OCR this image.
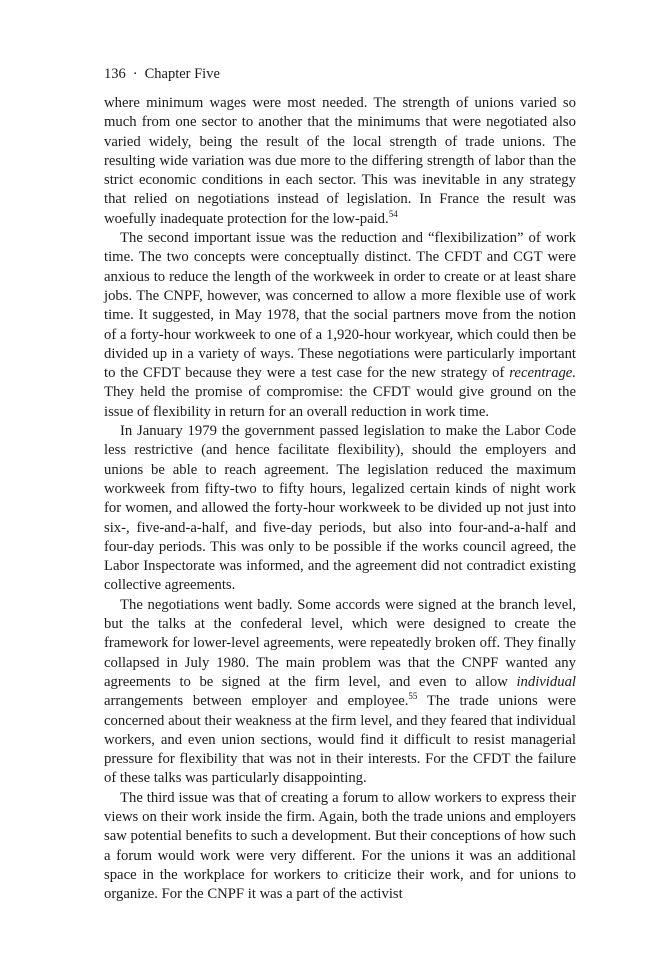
136 · Chapter Five

where minimum wages were most needed. The strength of unions varied so much from one sector to another that the minimums that were negotiated also varied widely, being the result of the local strength of trade unions. The resulting wide variation was due more to the differing strength of labor than the strict economic conditions in each sector. This was inevitable in any strategy that relied on negotiations instead of legislation. In France the result was woefully inadequate protection for the low-paid.$^{54}$

The second important issue was the reduction and “flexibilization” of work time. The two concepts were conceptually distinct. The CFDT and CGT were anxious to reduce the length of the workweek in order to create or at least share jobs. The CNPF, however, was concerned to allow a more flexible use of work time. It suggested, in May 1978, that the social partners move from the notion of a forty-hour workweek to one of a 1,920-hour workyear, which could then be divided up in a variety of ways. These negotiations were particularly important to the CFDT because they were a test case for the new strategy of recentrage. They held the promise of compromise: the CFDT would give ground on the issue of flexibility in return for an overall reduction in work time.

In January 1979 the government passed legislation to make the Labor Code less restrictive (and hence facilitate flexibility), should the employers and unions be able to reach agreement. The legislation reduced the maximum workweek from fifty-two to fifty hours, legalized certain kinds of night work for women, and allowed the forty-hour workweek to be divided up not just into six-, five-and-a-half, and five-day periods, but also into four-and-a-half and four-day periods. This was only to be possible if the works council agreed, the Labor Inspectorate was informed, and the agreement did not contradict existing collective agreements.

The negotiations went badly. Some accords were signed at the branch level, but the talks at the confederal level, which were designed to create the framework for lower-level agreements, were repeatedly broken off. They finally collapsed in July 1980. The main problem was that the CNPF wanted any agreements to be signed at the firm level, and even to allow individual arrangements between employer and employee.$^{55}$ The trade unions were concerned about their weakness at the firm level, and they feared that individual workers, and even union sections, would find it difficult to resist managerial pressure for flexibility that was not in their interests. For the CFDT the failure of these talks was particularly disappointing.

The third issue was that of creating a forum to allow workers to express their views on their work inside the firm. Again, both the trade unions and employers saw potential benefits to such a development. But their conceptions of how such a forum would work were very different. For the unions it was an additional space in the workplace for workers to criticize their work, and for unions to organize. For the CNPF it was a part of the activist
